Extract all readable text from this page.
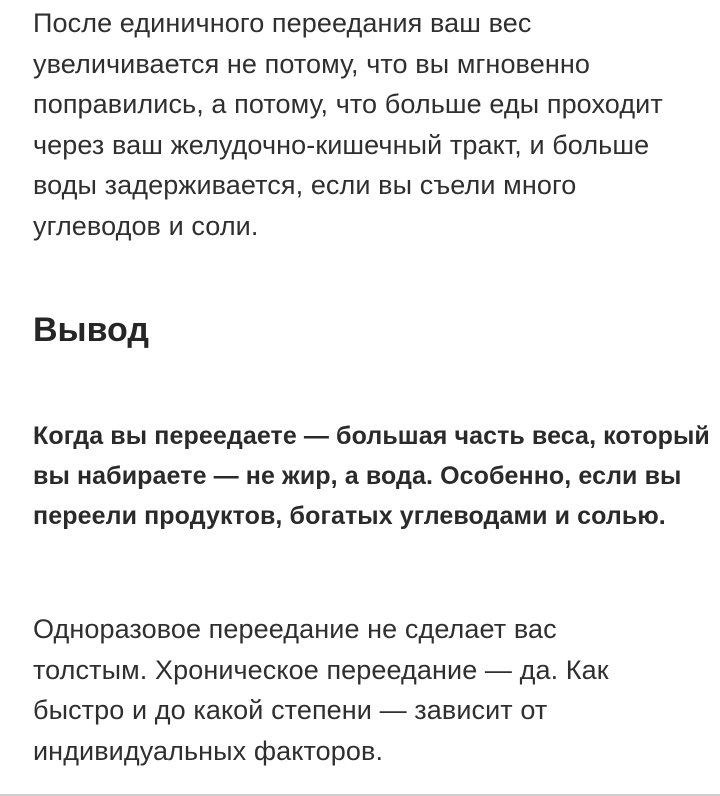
После единичного переедания ваш вес увеличивается не потому, что вы мгновенно поправились, а потому, что больше еды проходит через ваш желудочно-кишечный тракт, и больше воды задерживается, если вы съели много углеводов и соли.

Вывод

Когда вы переедаете — большая часть веса, который вы набираете — не жир, а вода. Особенно, если вы переели продуктов, богатых углеводами и солью.

Одноразовое переедание не сделает вас толстым. Хроническое переедание — да. Как быстро и до какой степени — зависит от индивидуальных факторов.
